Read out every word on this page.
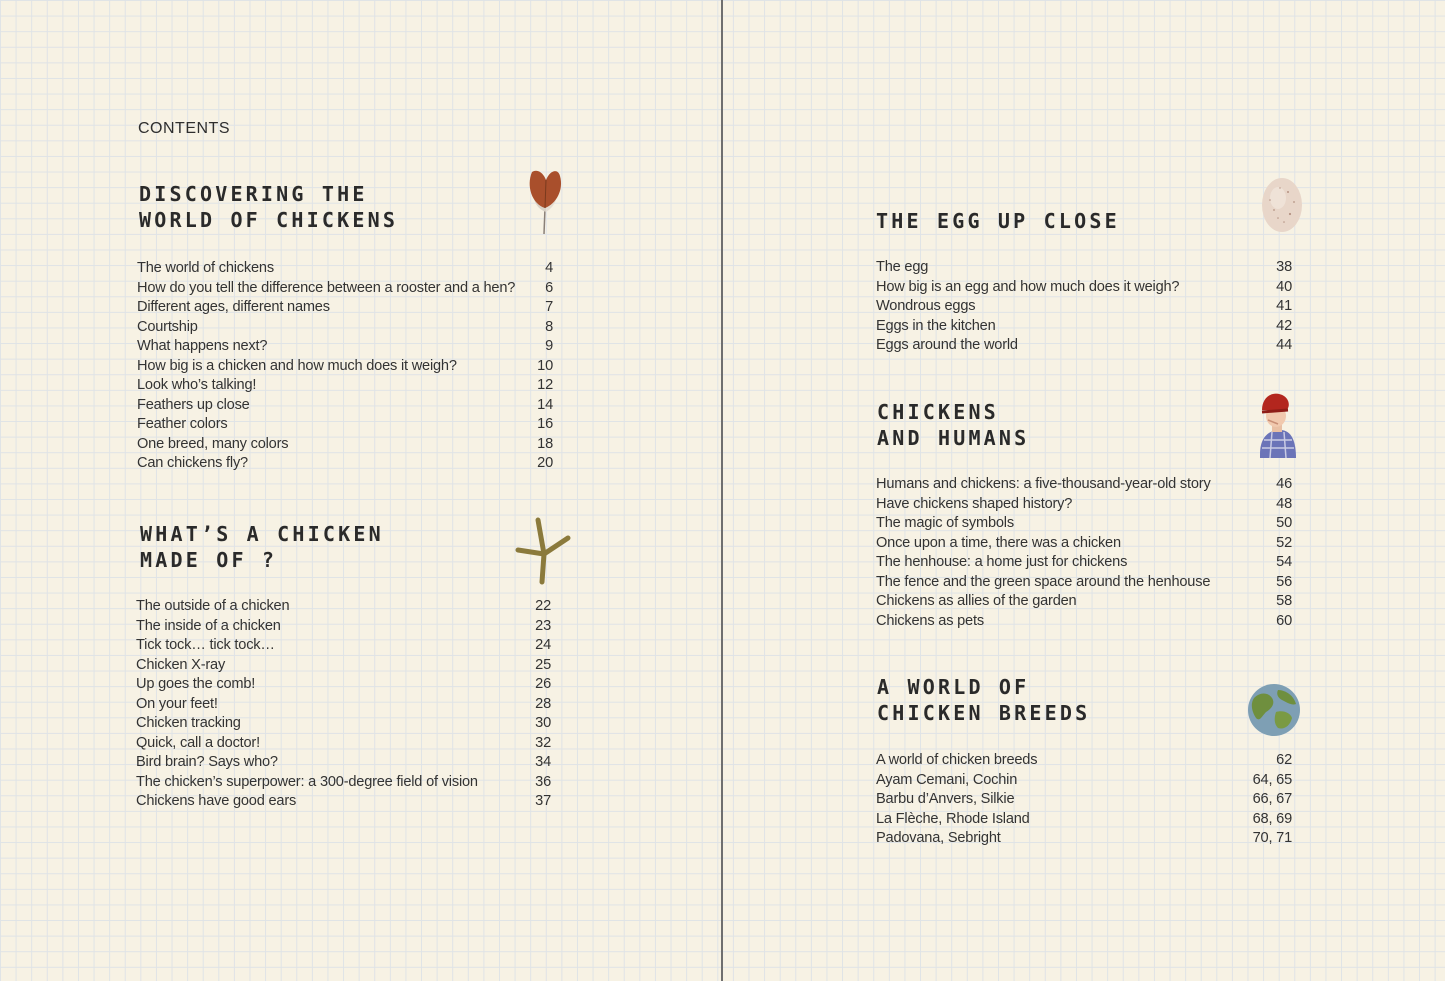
CONTENTS
DISCOVERING THE
WORLD OF CHICKENS
The world of chickens	4
How do you tell the difference between a rooster and a hen? 6
Different ages, different names	7
Courtship	8
What happens next?	9
How big is a chicken and how much does it weigh?	10
Look who’s talking!	12
Feathers up close	14
Feather colors	16
One breed, many colors	18
Can chickens fly?	20
WHAT’S A CHICKEN
MADE OF ?
The outside of a chicken	22
The inside of a chicken	23
Tick tock… tick tock…	24
Chicken X-ray	25
Up goes the comb!	26
On your feet!	28
Chicken tracking	30
Quick, call a doctor!	32
Bird brain? Says who?	34
The chicken’s superpower: a 300-degree field of vision	36
Chickens have good ears	37
THE EGG UP CLOSE
The egg	38
How big is an egg and how much does it weigh?	40
Wondrous eggs	41
Eggs in the kitchen	42
Eggs around the world	44
CHICKENS
AND HUMANS
Humans and chickens: a five-thousand-year-old story	46
Have chickens shaped history?	48
The magic of symbols	50
Once upon a time, there was a chicken	52
The henhouse: a home just for chickens	54
The fence and the green space around the henhouse	56
Chickens as allies of the garden	58
Chickens as pets	60
A WORLD OF
CHICKEN BREEDS
A world of chicken breeds	62
Ayam Cemani, Cochin	64, 65
Barbu d’Anvers, Silkie	66, 67
La Flèche, Rhode Island	68, 69
Padovana, Sebright	70, 71
